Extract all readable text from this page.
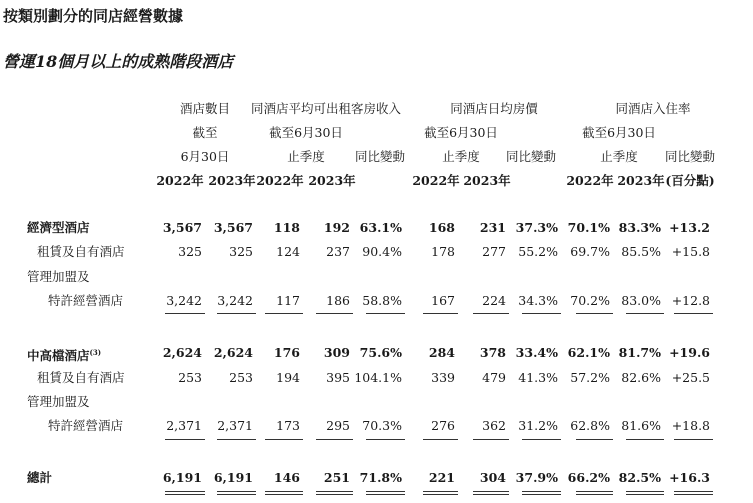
按類別劃分的同店經營數據
營運18個月以上的成熟階段酒店
酒店數目
截至
6月30日
同酒店平均可出租客房收入
截至6月30日
止季度 同比變動
同酒店日均房價
截至6月30日
止季度 同比變動
同酒店入住率
截至6月30日
止季度 同比變動
2022年 2023年 2022年 2023年	2022年 2023年	2022年 2023年 (百分點)
經濟型酒店
租賃及自有酒店
管理加盟及
特許經營酒店
中高檔酒店$^{(3)}$
租賃及自有酒店
管理加盟及
特許經營酒店
總計
3,567 3,567 118 192 63.1% 168 231 37.3% 70.1% 83.3% +13.2
325 325 124 237 90.4% 178 277 55.2% 69.7% 85.5% +15.8
3,242 3,242 117 186 58.8% 167 224 34.3% 70.2% 83.0% +12.8
2,624 2,624 176 309 75.6% 284 378 33.4% 62.1% 81.7% +19.6
253 253 194 395 104.1% 339 479 41.3% 57.2% 82.6% +25.5
2,371 2,371 173 295 70.3% 276 362 31.2% 62.8% 81.6% +18.8
6,191 6,191 146 251 71.8% 221 304 37.9% 66.2% 82.5% +16.3
